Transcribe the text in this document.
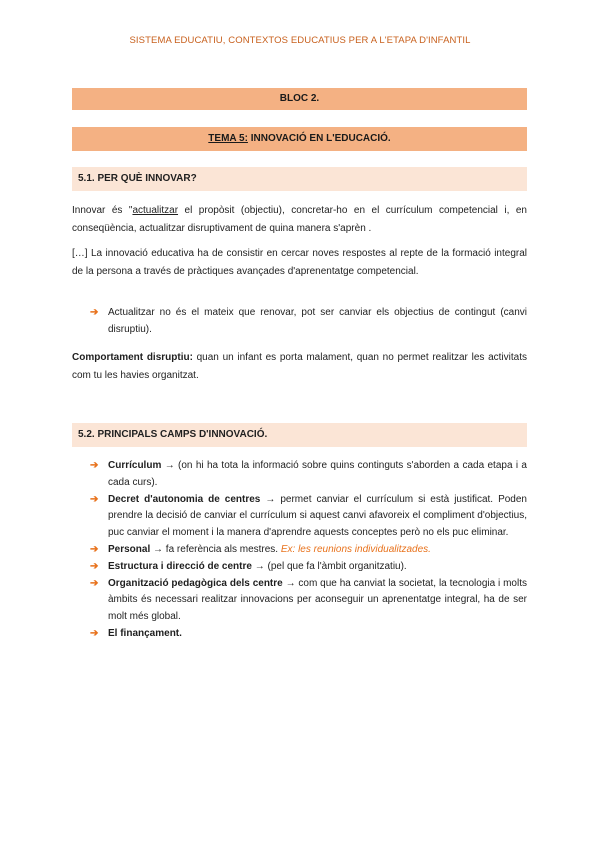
SISTEMA EDUCATIU, CONTEXTOS EDUCATIUS PER A L'ETAPA D'INFANTIL
BLOC 2.
TEMA 5: INNOVACIÓ EN L'EDUCACIÓ.
5.1. PER QUÈ INNOVAR?

Innovar és "actualitzar el propòsit (objectiu), concretar-ho en el currículum competencial i, en conseqüència, actualitzar disruptivament de quina manera s'aprèn .

[…] La innovació educativa ha de consistir en cercar noves respostes al repte de la formació integral de la persona a través de pràctiques avançades d'aprenentatge competencial.

➔ Actualitzar no és el mateix que renovar, pot ser canviar els objectius de contingut (canvi disruptiu).

Comportament disruptiu: quan un infant es porta malament, quan no permet realitzar les activitats com tu les havies organitzat.

5.2. PRINCIPALS CAMPS D'INNOVACIÓ.
➔ Currículum → (on hi ha tota la informació sobre quins continguts s'aborden a cada etapa i a cada curs).
➔ Decret d'autonomia de centres → permet canviar el currículum si està justificat. Poden prendre la decisió de canviar el currículum si aquest canvi afavoreix el compliment d'objectius, puc canviar el moment i la manera d'aprendre aquests conceptes però no els puc eliminar.
➔ Personal → fa referència als mestres. Ex: les reunions individualitzades.
➔ Estructura i direcció de centre → (pel que fa l'àmbit organitzatiu).
➔ Organització pedagògica dels centre → com que ha canviat la societat, la tecnologia i molts àmbits és necessari realitzar innovacions per aconseguir un aprenentatge integral, ha de ser molt més global.
➔ El finançament.
